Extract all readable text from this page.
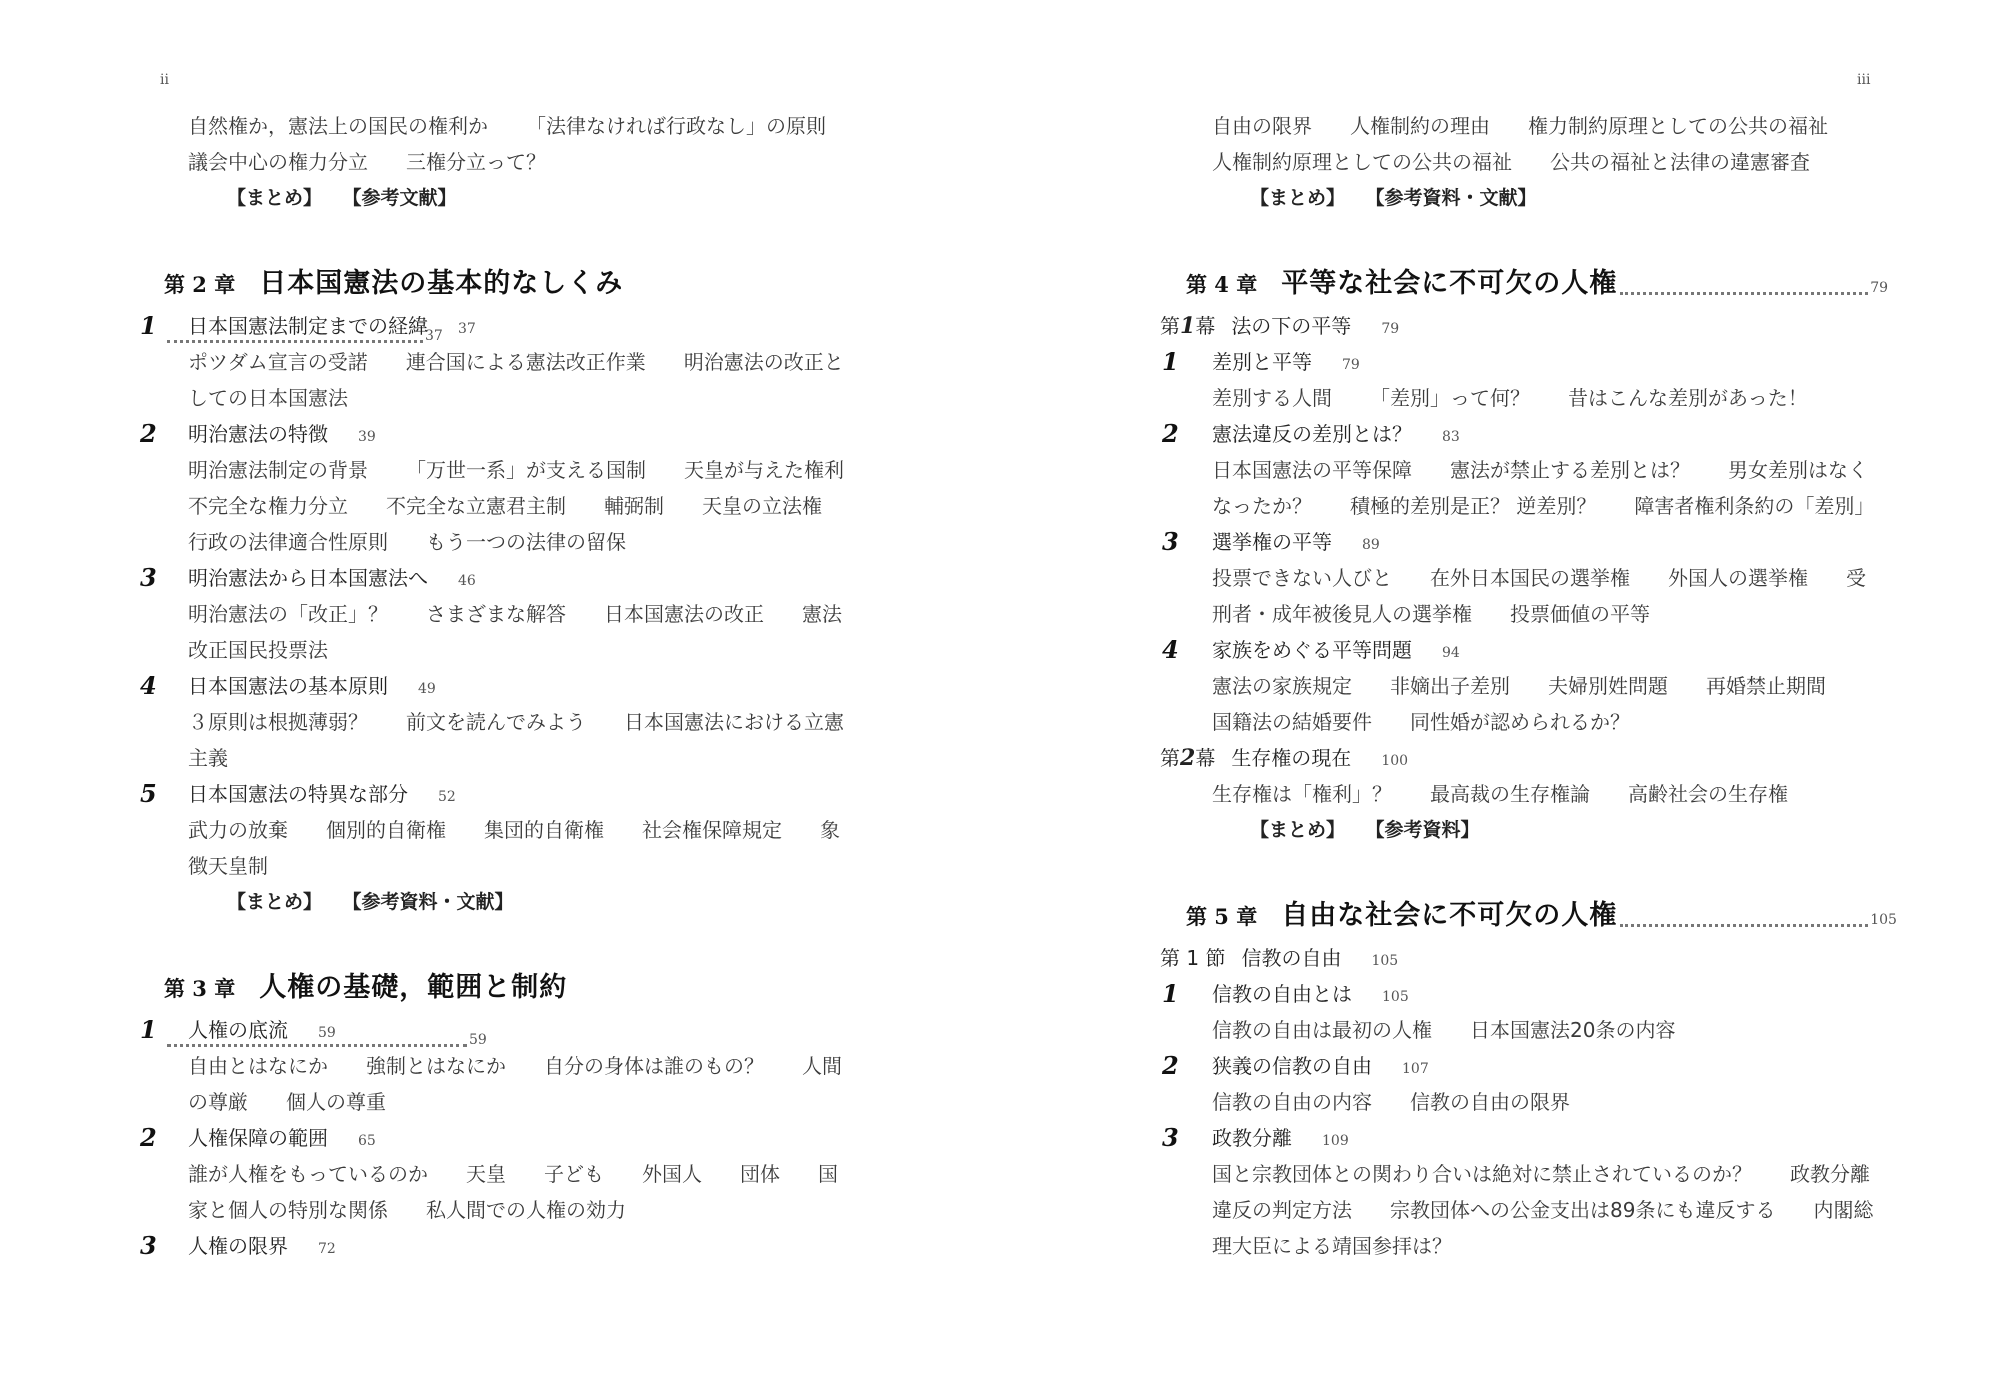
ii
自然権か，憲法上の国民の権利か 「法律なければ行政なし」の原則
議会中心の権力分立 三権分立って？
【まとめ】 【参考文献】
第 2 章 日本国憲法の基本的なしくみ37
1 日本国憲法制定までの経緯 37
ポツダム宣言の受諾 連合国による憲法改正作業 明治憲法の改正と
しての日本国憲法
2 明治憲法の特徴 39
明治憲法制定の背景 「万世一系」が支える国制 天皇が与えた権利
不完全な権力分立 不完全な立憲君主制 輔弼制 天皇の立法権
行政の法律適合性原則 もう一つの法律の留保
3 明治憲法から日本国憲法へ 46
明治憲法の「改正」？ さまざまな解答 日本国憲法の改正 憲法
改正国民投票法
4 日本国憲法の基本原則 49
３原則は根拠薄弱？ 前文を読んでみよう 日本国憲法における立憲
主義
5 日本国憲法の特異な部分 52
武力の放棄 個別的自衛権 集団的自衛権 社会権保障規定 象
徴天皇制
【まとめ】 【参考資料・文献】
第 3 章 人権の基礎，範囲と制約59
1 人権の底流 59
自由とはなにか 強制とはなにか 自分の身体は誰のもの？ 人間
の尊厳 個人の尊重
2 人権保障の範囲 65
誰が人権をもっているのか 天皇 子ども 外国人 団体 国
家と個人の特別な関係 私人間での人権の効力
3 人権の限界 72
iii
自由の限界 人権制約の理由 権力制約原理としての公共の福祉
人権制約原理としての公共の福祉 公共の福祉と法律の違憲審査
【まとめ】 【参考資料・文献】
第 4 章 平等な社会に不可欠の人権	79
第1幕 法の下の平等 79
1 差別と平等 79
差別する人間 「差別」って何？ 昔はこんな差別があった！
2 憲法違反の差別とは？ 83
日本国憲法の平等保障 憲法が禁止する差別とは？ 男女差別はなく
なったか？ 積極的差別是正？ 逆差別？ 障害者権利条約の「差別」
3 選挙権の平等 89
投票できない人びと 在外日本国民の選挙権 外国人の選挙権 受
刑者・成年被後見人の選挙権 投票価値の平等
4 家族をめぐる平等問題 94
憲法の家族規定 非嫡出子差別 夫婦別姓問題 再婚禁止期間
国籍法の結婚要件 同性婚が認められるか？
第2幕 生存権の現在 100
生存権は「権利」？ 最高裁の生存権論 高齢社会の生存権
【まとめ】 【参考資料】
第 5 章 自由な社会に不可欠の人権	105
第 1 節 信教の自由 105
1 信教の自由とは 105
信教の自由は最初の人権 日本国憲法20条の内容
2 狭義の信教の自由 107
信教の自由の内容 信教の自由の限界
3 政教分離 109
国と宗教団体との関わり合いは絶対に禁止されているのか？ 政教分離
違反の判定方法 宗教団体への公金支出は89条にも違反する 内閣総
理大臣による靖国参拝は？
